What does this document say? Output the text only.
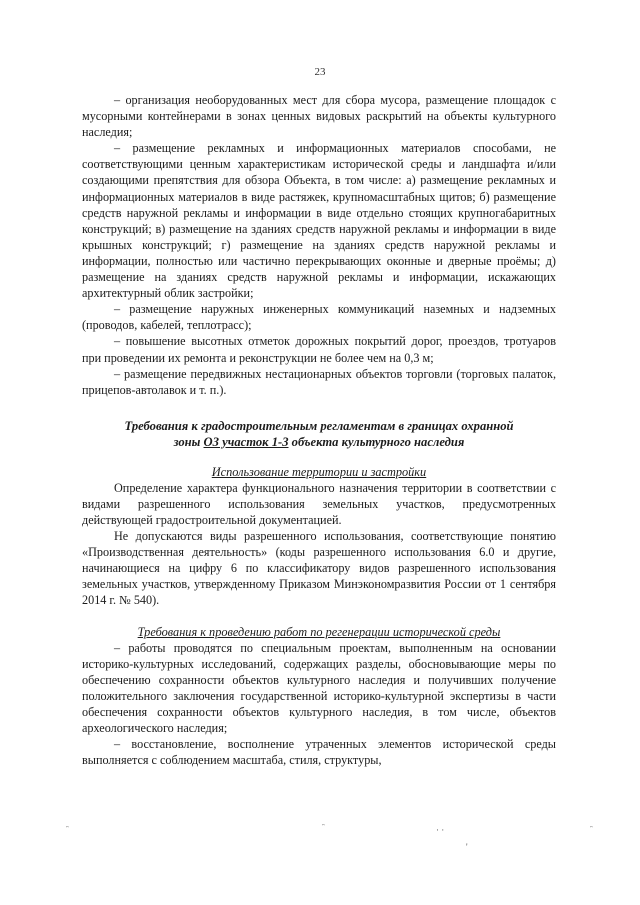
23

– организация необорудованных мест для сбора мусора, размещение площадок с мусорными контейнерами в зонах ценных видовых раскрытий на объекты культурного наследия;

– размещение рекламных и информационных материалов способами, не соответствующими ценным характеристикам исторической среды и ландшафта и/или создающими препятствия для обзора Объекта, в том числе: а) размещение рекламных и информационных материалов в виде растяжек, крупномасштабных щитов; б) размещение средств наружной рекламы и информации в виде отдельно стоящих крупногабаритных конструкций; в) размещение на зданиях средств наружной рекламы и информации в виде крышных конструкций; г) размещение на зданиях средств наружной рекламы и информации, полностью или частично перекрывающих оконные и дверные проёмы; д) размещение на зданиях средств наружной рекламы и информации, искажающих архитектурный облик застройки;

– размещение наружных инженерных коммуникаций наземных и надземных (проводов, кабелей, теплотрасс);

– повышение высотных отметок дорожных покрытий дорог, проездов, тротуаров при проведении их ремонта и реконструкции не более чем на 0,3 м;

– размещение передвижных нестационарных объектов торговли (торговых палаток, прицепов-автолавок и т. п.).

Требования к градостроительным регламентам в границах охранной
зоны ОЗ участок 1-3 объекта культурного наследия

Использование территории и застройки

Определение характера функционального назначения территории в соответствии с видами разрешенного использования земельных участков, предусмотренных действующей градостроительной документацией.

Не допускаются виды разрешенного использования, соответствующие понятию «Производственная деятельность» (коды разрешенного использования 6.0 и другие, начинающиеся на цифру 6 по классификатору видов разрешенного использования земельных участков, утвержденному Приказом Минэкономразвития России от 1 сентября 2014 г. № 540).

Требования к проведению работ по регенерации исторической среды

– работы проводятся по специальным проектам, выполненным на основании историко-культурных исследований, содержащих разделы, обосновывающие меры по обеспечению сохранности объектов культурного наследия и получивших получение положительного заключения государственной историко-культурной экспертизы в части обеспечения сохранности объектов культурного наследия, в том числе, объектов археологического наследия;

– восстановление, восполнение утраченных элементов исторической среды выполняется с соблюдением масштаба, стиля, структуры,

ᵔ	ᵔ	· ·	ᵔ
'
